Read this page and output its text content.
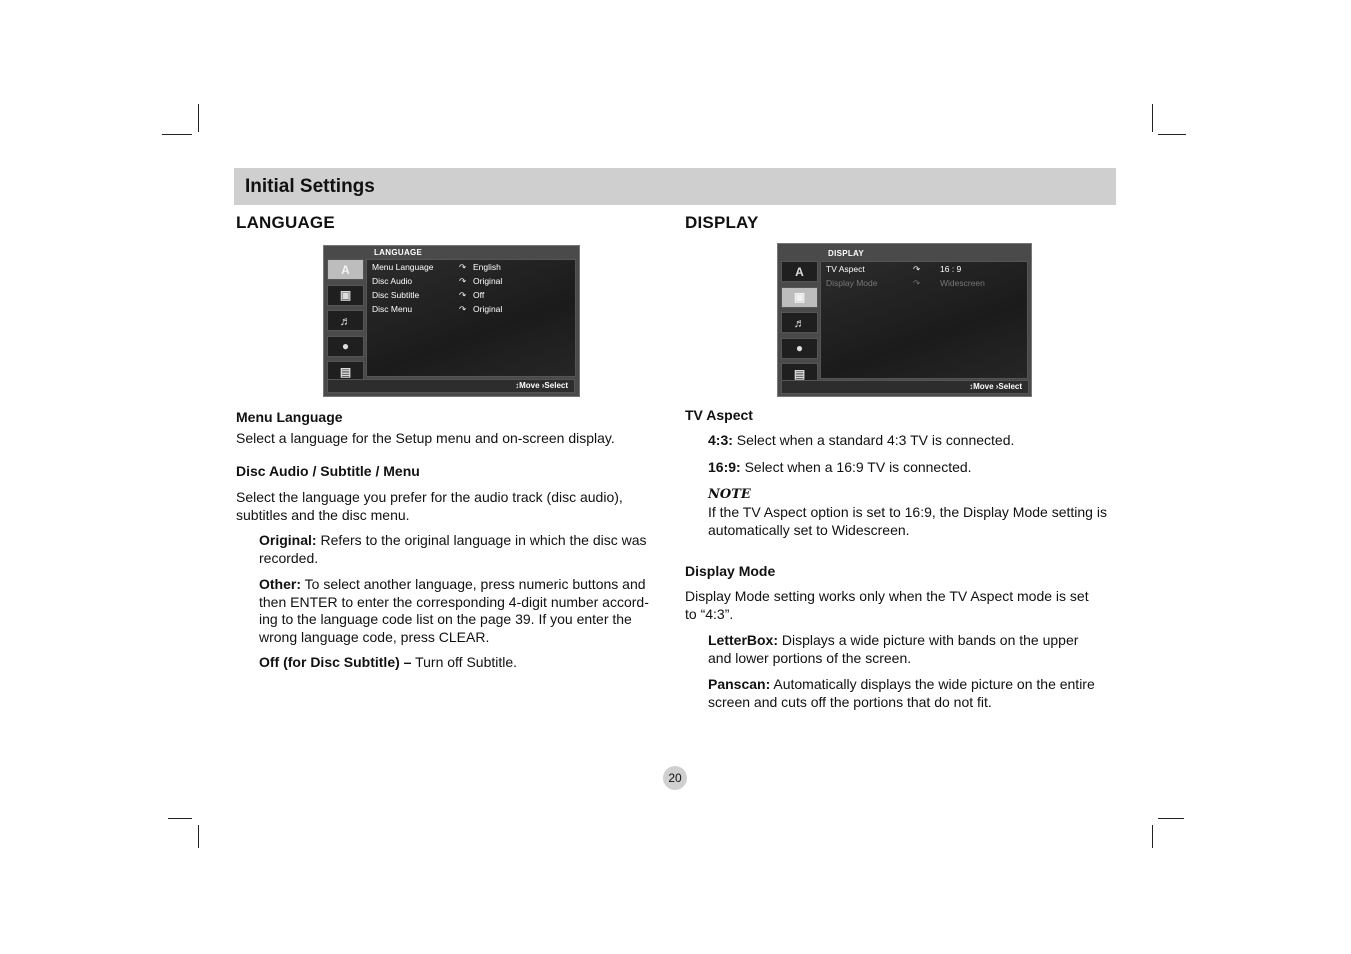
Initial Settings
LANGUAGE
LANGUAGE
A
▣
♬
●
▤
Menu Language	↷ English
Disc Audio	↷ Original
Disc Subtitle	↷ Off
Disc Menu	↷ Original
↕Move ›Select
Menu Language
Select a language for the Setup menu and on-screen display.
Disc Audio / Subtitle / Menu
Select the language you prefer for the audio track (disc audio),
subtitles and the disc menu.
Original: Refers to the original language in which the disc was
recorded.
Other: To select another language, press numeric buttons and
then ENTER to enter the corresponding 4-digit number accord-
ing to the language code list on the page 39. If you enter the
wrong language code, press CLEAR.
Off (for Disc Subtitle) – Turn off Subtitle.
DISPLAY
DISPLAY
A
▣
♬
●
▤
TV Aspect	↷ 16 : 9
Display Mode	↷ Widescreen
↕Move ›Select
TV Aspect
4:3: Select when a standard 4:3 TV is connected.
16:9: Select when a 16:9 TV is connected.
NOTE
If the TV Aspect option is set to 16:9, the Display Mode setting is
automatically set to Widescreen.
Display Mode
Display Mode setting works only when the TV Aspect mode is set
to “4:3”.
LetterBox: Displays a wide picture with bands on the upper
and lower portions of the screen.
Panscan: Automatically displays the wide picture on the entire
screen and cuts off the portions that do not fit.
20
